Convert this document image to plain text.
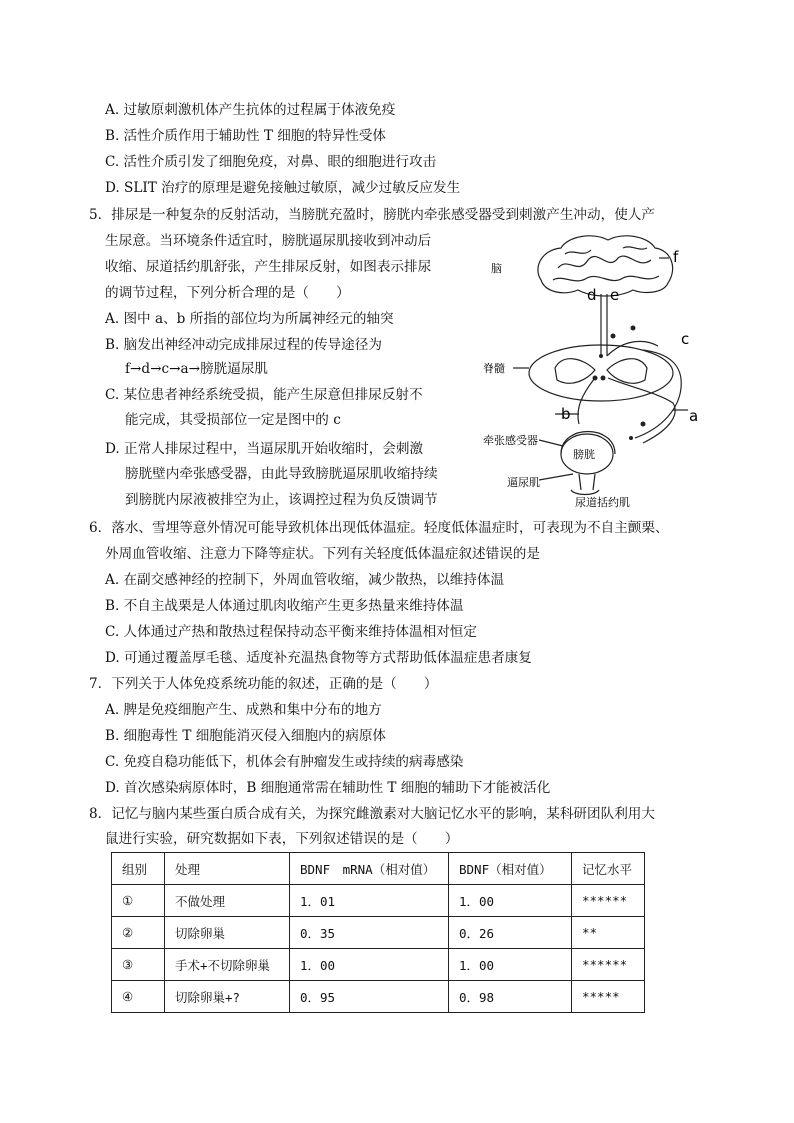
A. 过敏原刺激机体产生抗体的过程属于体液免疫
B. 活性介质作用于辅助性 T 细胞的特异性受体
C. 活性介质引发了细胞免疫，对鼻、眼的细胞进行攻击
D. SLIT 治疗的原理是避免接触过敏原，减少过敏反应发生
5．排尿是一种复杂的反射活动，当膀胱充盈时，膀胱内牵张感受器受到刺激产生冲动，使人产
生尿意。当环境条件适宜时，膀胱逼尿肌接收到冲动后
收缩、尿道括约肌舒张，产生排尿反射，如图表示排尿
的调节过程，下列分析合理的是（　　）
A. 图中 a、b 所指的部位均为所属神经元的轴突
B. 脑发出神经冲动完成排尿过程的传导途径为
f→d→c→a→膀胱逼尿肌
C. 某位患者神经系统受损，能产生尿意但排尿反射不
能完成，其受损部位一定是图中的 c
D. 正常人排尿过程中，当逼尿肌开始收缩时，会刺激
膀胱壁内牵张感受器，由此导致膀胱逼尿肌收缩持续
到膀胱内尿液被排空为止，该调控过程为负反馈调节
脑
f
d e
c
脊髓
b	a
牵张感受器
膀胱
逼尿肌
尿道括约肌
6．落水、雪埋等意外情况可能导致机体出现低体温症。轻度低体温症时，可表现为不自主颤栗、
外周血管收缩、注意力下降等症状。下列有关轻度低体温症叙述错误的是
A. 在副交感神经的控制下，外周血管收缩，减少散热，以维持体温
B. 不自主战栗是人体通过肌肉收缩产生更多热量来维持体温
C. 人体通过产热和散热过程保持动态平衡来维持体温相对恒定
D. 可通过覆盖厚毛毯、适度补充温热食物等方式帮助低体温症患者康复
7．下列关于人体免疫系统功能的叙述，正确的是（　　）
A. 脾是免疫细胞产生、成熟和集中分布的地方
B. 细胞毒性 T 细胞能消灭侵入细胞内的病原体
C. 免疫自稳功能低下，机体会有肿瘤发生或持续的病毒感染
D. 首次感染病原体时，B 细胞通常需在辅助性 T 细胞的辅助下才能被活化
8．记忆与脑内某些蛋白质合成有关，为探究雌激素对大脑记忆水平的影响，某科研团队利用大
鼠进行实验，研究数据如下表，下列叙述错误的是（　　）
组别	处理	BDNF　mRNA（相对值）	BDNF（相对值）	记忆水平
①	不做处理	1．01	1．00	******
②	切除卵巢	0．35	0．26	**
③	手术+不切除卵巢	1．00	1．00	******
④	切除卵巢+?	0．95	0．98	*****
